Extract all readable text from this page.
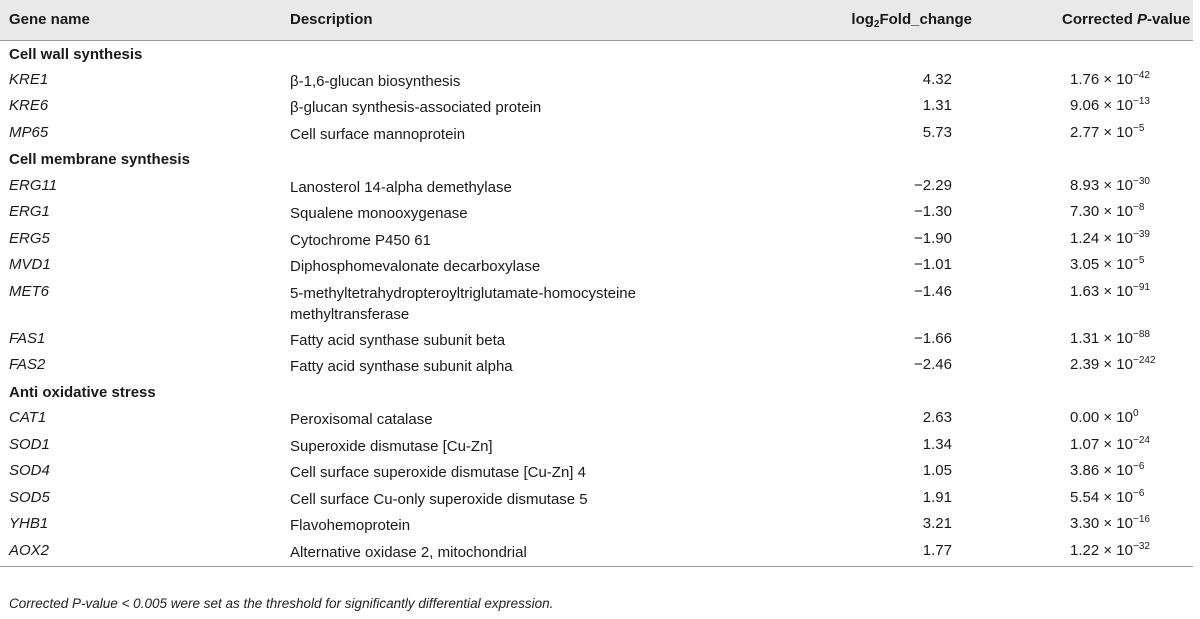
Gene name	Description	$\log_2Fold\_change$	Corrected P-value
Cell wall synthesis			
KRE1	β-1,6-glucan biosynthesis	4.32	$1.76 \times 10^{-42}$
KRE6	β-glucan synthesis-associated protein	1.31	$9.06 \times 10^{-13}$
MP65	Cell surface mannoprotein	5.73	$2.77 \times 10^{-5}$
Cell membrane synthesis			
ERG11	Lanosterol 14-alpha demethylase	−2.29	$8.93 \times 10^{-30}$
ERG1	Squalene monooxygenase	−1.30	$7.30 \times 10^{-8}$
ERG5	Cytochrome P450 61	−1.90	$1.24 \times 10^{-39}$
MVD1	Diphosphomevalonate decarboxylase	−1.01	$3.05 \times 10^{-5}$
MET6	5-methyltetrahydropteroyltriglutamate-homocysteine
methyltransferase	−1.46	$1.63 \times 10^{-91}$
FAS1	Fatty acid synthase subunit beta	−1.66	$1.31 \times 10^{-88}$
FAS2	Fatty acid synthase subunit alpha	−2.46	$2.39 \times 10^{-242}$
Anti oxidative stress			
CAT1	Peroxisomal catalase	2.63	$0.00 \times 10^0$
SOD1	Superoxide dismutase [Cu-Zn]	1.34	$1.07 \times 10^{-24}$
SOD4	Cell surface superoxide dismutase [Cu-Zn] 4	1.05	$3.86 \times 10^{-6}$
SOD5	Cell surface Cu-only superoxide dismutase 5	1.91	$5.54 \times 10^{-6}$
YHB1	Flavohemoprotein	3.21	$3.30 \times 10^{-16}$
AOX2	Alternative oxidase 2, mitochondrial	1.77	$1.22 \times 10^{-32}$
Corrected P-value < 0.005 were set as the threshold for significantly differential expression.
